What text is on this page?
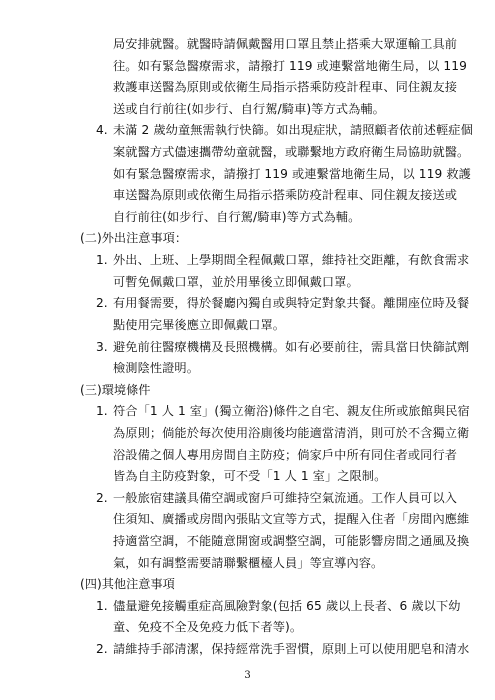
局安排就醫。就醫時請佩戴醫用口罩且禁止搭乘大眾運輸工具前
往。如有緊急醫療需求，請撥打 119 或連繫當地衛生局，以 119
救護車送醫為原則或依衛生局指示搭乘防疫計程車、同住親友接
送或自行前往(如步行、自行駕/騎車)等方式為輔。
4. 未滿 2 歲幼童無需執行快篩。如出現症狀，請照顧者依前述輕症個
案就醫方式儘速攜帶幼童就醫，或聯繫地方政府衛生局協助就醫。
如有緊急醫療需求，請撥打 119 或連繫當地衛生局，以 119 救護
車送醫為原則或依衛生局指示搭乘防疫計程車、同住親友接送或
自行前往(如步行、自行駕/騎車)等方式為輔。
(二)外出注意事項：
1. 外出、上班、上學期間全程佩戴口罩，維持社交距離，有飲食需求
可暫免佩戴口罩，並於用畢後立即佩戴口罩。
2. 有用餐需要，得於餐廳內獨自或與特定對象共餐。離開座位時及餐
點使用完畢後應立即佩戴口罩。
3. 避免前往醫療機構及長照機構。如有必要前往，需具當日快篩試劑
檢測陰性證明。
(三)環境條件
1. 符合「1 人 1 室」(獨立衛浴)條件之自宅、親友住所或旅館與民宿
為原則；倘能於每次使用浴廁後均能適當清消，則可於不含獨立衛
浴設備之個人專用房間自主防疫；倘家戶中所有同住者或同行者
皆為自主防疫對象，可不受「1 人 1 室」之限制。
2. 一般旅宿建議具備空調或窗戶可維持空氣流通。工作人員可以入
住須知、廣播或房間內張貼文宣等方式，提醒入住者「房間內應維
持適當空調，不能隨意開窗或調整空調，可能影響房間之通風及換
氣，如有調整需要請聯繫櫃檯人員」等宣導內容。
(四)其他注意事項
1. 儘量避免接觸重症高風險對象(包括 65 歲以上長者、6 歲以下幼
童、免疫不全及免疫力低下者等)。
2. 請維持手部清潔，保持經常洗手習慣，原則上可以使用肥皂和清水
3
